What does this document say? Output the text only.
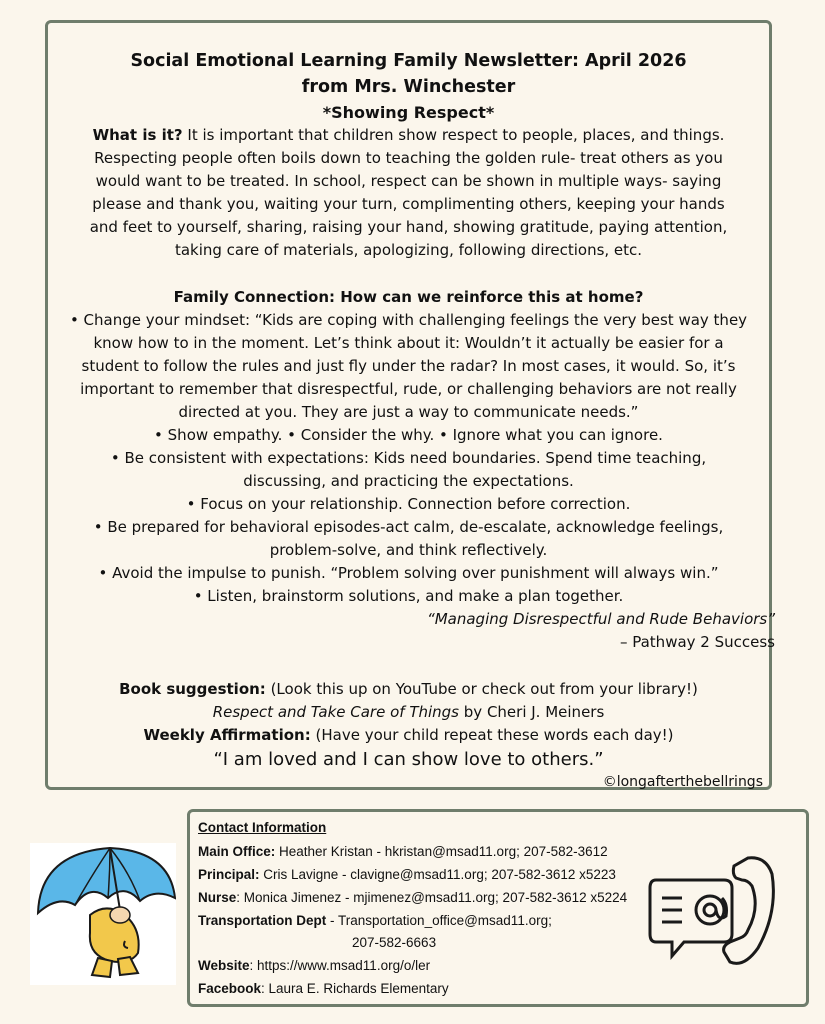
Social Emotional Learning Family Newsletter: April 2026
from Mrs. Winchester
*Showing Respect*
What is it? It is important that children show respect to people, places, and things.
Respecting people often boils down to teaching the golden rule- treat others as you
would want to be treated. In school, respect can be shown in multiple ways- saying
please and thank you, waiting your turn, complimenting others, keeping your hands
and feet to yourself, sharing, raising your hand, showing gratitude, paying attention,
taking care of materials, apologizing, following directions, etc.
Family Connection: How can we reinforce this at home?
• Change your mindset: “Kids are coping with challenging feelings the very best way they
know how to in the moment. Let’s think about it: Wouldn’t it actually be easier for a
student to follow the rules and just fly under the radar? In most cases, it would. So, it’s
important to remember that disrespectful, rude, or challenging behaviors are not really
directed at you. They are just a way to communicate needs.”
• Show empathy. • Consider the why. • Ignore what you can ignore.
• Be consistent with expectations: Kids need boundaries. Spend time teaching,
discussing, and practicing the expectations.
• Focus on your relationship. Connection before correction.
• Be prepared for behavioral episodes-act calm, de-escalate, acknowledge feelings,
problem-solve, and think reflectively.
• Avoid the impulse to punish. “Problem solving over punishment will always win.”
• Listen, brainstorm solutions, and make a plan together.
“Managing Disrespectful and Rude Behaviors”
– Pathway 2 Success
Book suggestion: (Look this up on YouTube or check out from your library!)
Respect and Take Care of Things by Cheri J. Meiners
Weekly Affirmation: (Have your child repeat these words each day!)
“I am loved and I can show love to others.”
©longafterthebellrings
Contact Information
Main Office: Heather Kristan - hkristan@msad11.org; 207-582-3612
Principal: Cris Lavigne - clavigne@msad11.org; 207-582-3612 x5223
Nurse: Monica Jimenez - mjimenez@msad11.org; 207-582-3612 x5224
Transportation Dept - Transportation_office@msad11.org;
207-582-6663
Website: https://www.msad11.org/o/ler
Facebook: Laura E. Richards Elementary
